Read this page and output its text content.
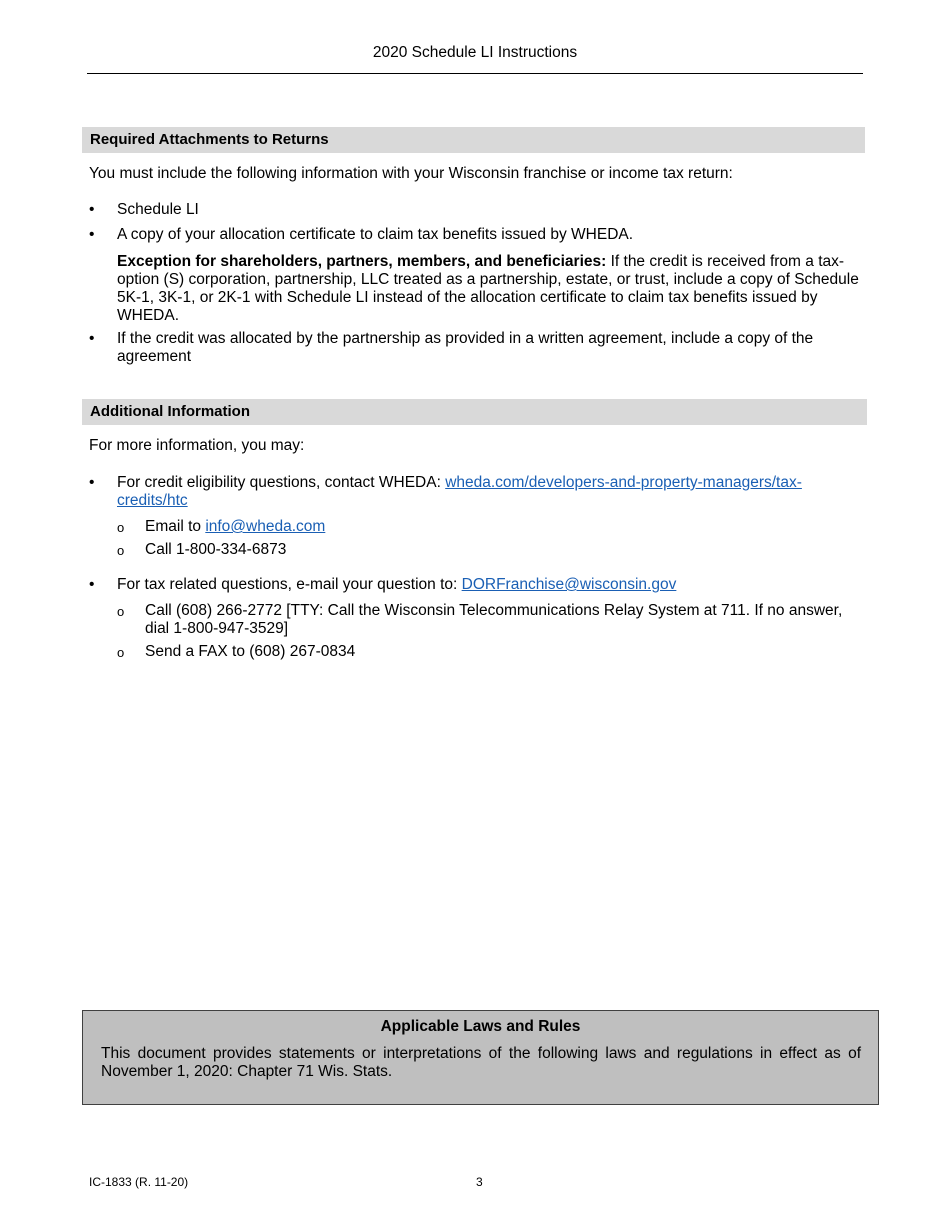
2020 Schedule LI Instructions
Required Attachments to Returns
You must include the following information with your Wisconsin franchise or income tax return:
•	Schedule LI
•	A copy of your allocation certificate to claim tax benefits issued by WHEDA.
Exception for shareholders, partners, members, and beneficiaries: If the credit is received from a tax-option (S) corporation, partnership, LLC treated as a partnership, estate, or trust, include a copy of Schedule 5K-1, 3K-1, or 2K-1 with Schedule LI instead of the allocation certificate to claim tax benefits issued by WHEDA.
•	If the credit was allocated by the partnership as provided in a written agreement, include a copy of the agreement
Additional Information
For more information, you may:
•	For credit eligibility questions, contact WHEDA: wheda.com/developers-and-property-managers/tax-credits/htc
o Email to info@wheda.com
o Call 1-800-334-6873
•	For tax related questions, e-mail your question to: DORFranchise@wisconsin.gov
o Call (608) 266-2772 [TTY: Call the Wisconsin Telecommunications Relay System at 711. If no answer, dial 1-800-947-3529]
o Send a FAX to (608) 267-0834
Applicable Laws and Rules
This document provides statements or interpretations of the following laws and regulations in effect as of November 1, 2020: Chapter 71 Wis. Stats.
IC-1833 (R. 11-20)	3
